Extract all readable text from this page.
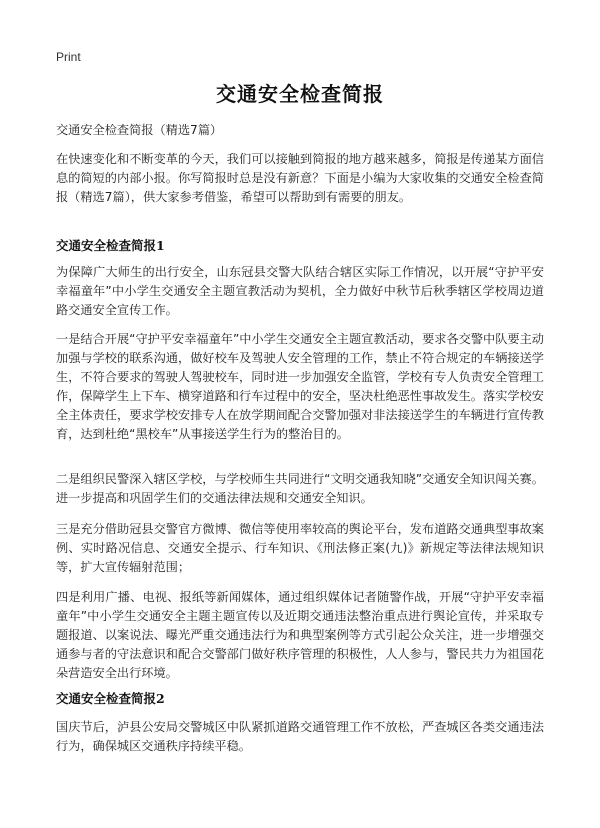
Print
交通安全检查简报
交通安全检查简报（精选7篇）

在快速变化和不断变革的今天，我们可以接触到简报的地方越来越多，简报是传递某方面信息的简短的内部小报。你写简报时总是没有新意？下面是小编为大家收集的交通安全检查简报（精选7篇），供大家参考借鉴，希望可以帮助到有需要的朋友。

交通安全检查简报1

为保障广大师生的出行安全，山东冠县交警大队结合辖区实际工作情况，以开展“守护平安幸福童年”中小学生交通安全主题宣教活动为契机，全力做好中秋节后秋季辖区学校周边道路交通安全宣传工作。

一是结合开展“守护平安幸福童年”中小学生交通安全主题宣教活动，要求各交警中队要主动加强与学校的联系沟通，做好校车及驾驶人安全管理的工作，禁止不符合规定的车辆接送学生，不符合要求的驾驶人驾驶校车，同时进一步加强安全监管，学校有专人负责安全管理工作，保障学生上下车、横穿道路和行车过程中的安全，坚决杜绝恶性事故发生。落实学校安全主体责任，要求学校安排专人在放学期间配合交警加强对非法接送学生的车辆进行宣传教育，达到杜绝“黑校车”从事接送学生行为的整治目的。

二是组织民警深入辖区学校，与学校师生共同进行“文明交通我知晓”交通安全知识闯关赛。进一步提高和巩固学生们的交通法律法规和交通安全知识。

三是充分借助冠县交警官方微博、微信等使用率较高的舆论平台，发布道路交通典型事故案例、实时路况信息、交通安全提示、行车知识、《刑法修正案(九)》新规定等法律法规知识等，扩大宣传辐射范围；

四是利用广播、电视、报纸等新闻媒体，通过组织媒体记者随警作战，开展“守护平安幸福童年”中小学生交通安全主题主题宣传以及近期交通违法整治重点进行舆论宣传，并采取专题报道、以案说法、曝光严重交通违法行为和典型案例等方式引起公众关注，进一步增强交通参与者的守法意识和配合交警部门做好秩序管理的积极性，人人参与，警民共力为祖国花朵营造安全出行环境。

交通安全检查简报2

国庆节后，泸县公安局交警城区中队紧抓道路交通管理工作不放松，严查城区各类交通违法行为，确保城区交通秩序持续平稳。
